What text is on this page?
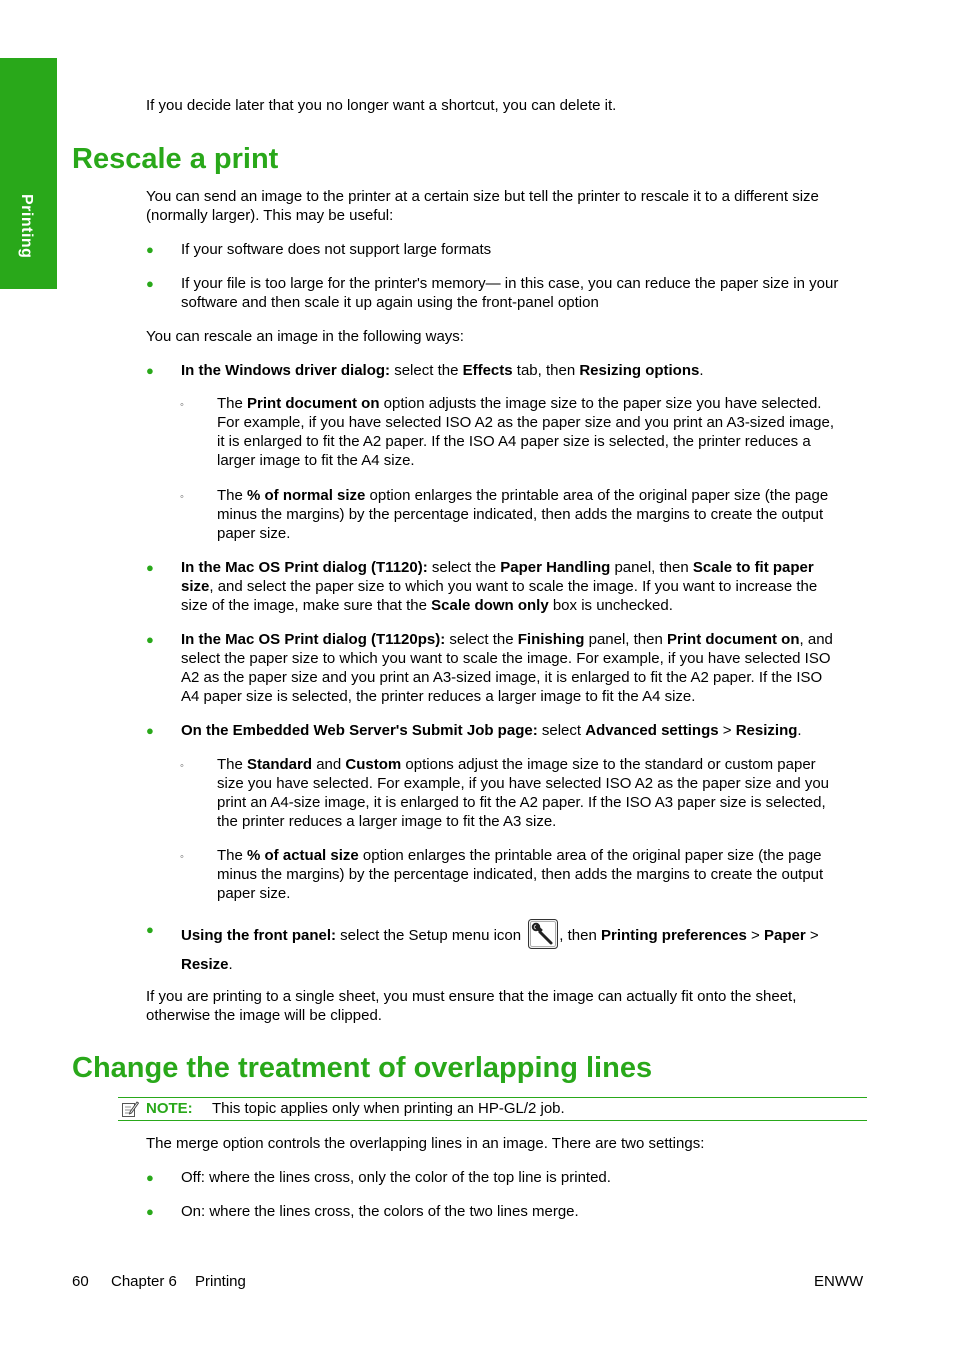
Printing

If you decide later that you no longer want a shortcut, you can delete it.

Rescale a print

You can send an image to the printer at a certain size but tell the printer to rescale it to a different size
(normally larger). This may be useful:

● If your software does not support large formats

● If your file is too large for the printer's memory— in this case, you can reduce the paper size in your
software and then scale it up again using the front-panel option

You can rescale an image in the following ways:

● In the Windows driver dialog: select the Effects tab, then Resizing options.

◦ The Print document on option adjusts the image size to the paper size you have selected.
For example, if you have selected ISO A2 as the paper size and you print an A3-sized image,
it is enlarged to fit the A2 paper. If the ISO A4 paper size is selected, the printer reduces a
larger image to fit the A4 size.

◦ The % of normal size option enlarges the printable area of the original paper size (the page
minus the margins) by the percentage indicated, then adds the margins to create the output
paper size.

● In the Mac OS Print dialog (T1120): select the Paper Handling panel, then Scale to fit paper
size, and select the paper size to which you want to scale the image. If you want to increase the
size of the image, make sure that the Scale down only box is unchecked.

● In the Mac OS Print dialog (T1120ps): select the Finishing panel, then Print document on, and
select the paper size to which you want to scale the image. For example, if you have selected ISO
A2 as the paper size and you print an A3-sized image, it is enlarged to fit the A2 paper. If the ISO
A4 paper size is selected, the printer reduces a larger image to fit the A4 size.

● On the Embedded Web Server's Submit Job page: select Advanced settings > Resizing.

◦ The Standard and Custom options adjust the image size to the standard or custom paper
size you have selected. For example, if you have selected ISO A2 as the paper size and you
print an A4-size image, it is enlarged to fit the A2 paper. If the ISO A3 paper size is selected,
the printer reduces a larger image to fit the A3 size.

◦ The % of actual size option enlarges the printable area of the original paper size (the page
minus the margins) by the percentage indicated, then adds the margins to create the output
paper size.

● Using the front panel: select the Setup menu icon , then Printing preferences > Paper >
Resize.

If you are printing to a single sheet, you must ensure that the image can actually fit onto the sheet,
otherwise the image will be clipped.

Change the treatment of overlapping lines
NOTE: This topic applies only when printing an HP-GL/2 job.

The merge option controls the overlapping lines in an image. There are two settings:

● Off: where the lines cross, only the color of the top line is printed.

● On: where the lines cross, the colors of the two lines merge.

60 Chapter 6 Printing	ENWW
